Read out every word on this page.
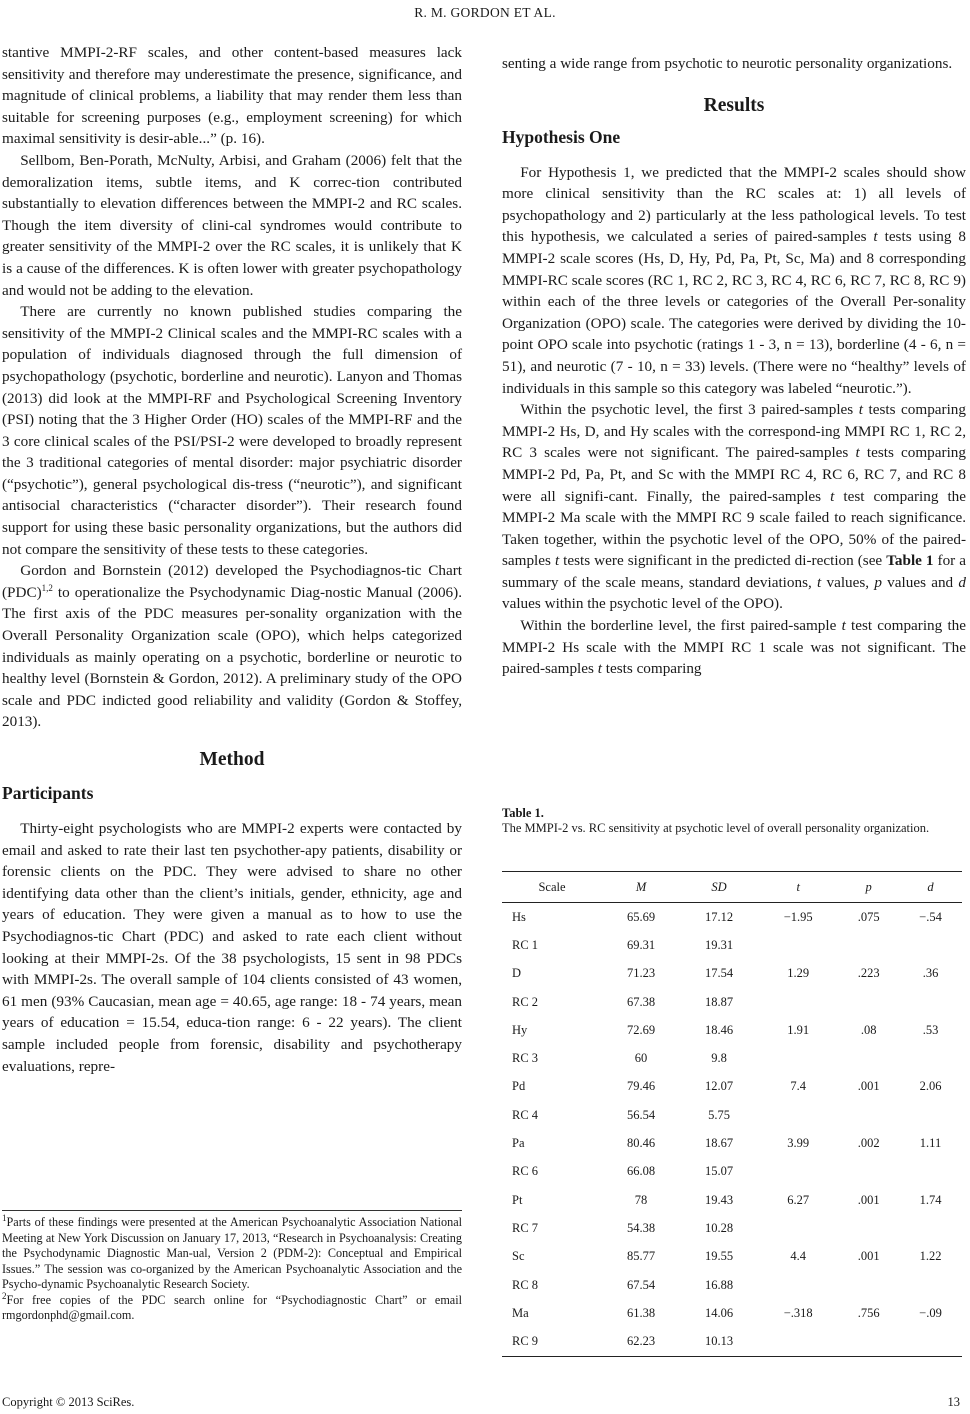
R. M. GORDON ET AL.

stantive MMPI-2-RF scales, and other content-based measures lack sensitivity and therefore may underestimate the presence, significance, and magnitude of clinical problems, a liability that may render them less than suitable for screening purposes (e.g., employment screening) for which maximal sensitivity is desir-able...” (p. 16).

Sellbom, Ben-Porath, McNulty, Arbisi, and Graham (2006) felt that the demoralization items, subtle items, and K correc-tion contributed substantially to elevation differences between the MMPI-2 and RC scales. Though the item diversity of clini-cal syndromes would contribute to greater sensitivity of the MMPI-2 over the RC scales, it is unlikely that K is a cause of the differences. K is often lower with greater psychopathology and would not be adding to the elevation.

There are currently no known published studies comparing the sensitivity of the MMPI-2 Clinical scales and the MMPI-RC scales with a population of individuals diagnosed through the full dimension of psychopathology (psychotic, borderline and neurotic). Lanyon and Thomas (2013) did look at the MMPI-RF and Psychological Screening Inventory (PSI) noting that the 3 Higher Order (HO) scales of the MMPI-RF and the 3 core clinical scales of the PSI/PSI-2 were developed to broadly represent the 3 traditional categories of mental disorder: major psychiatric disorder (“psychotic”), general psychological dis-tress (“neurotic”), and significant antisocial characteristics (“character disorder”). Their research found support for using these basic personality organizations, but the authors did not compare the sensitivity of these tests to these categories.

Gordon and Bornstein (2012) developed the Psychodiagnos-tic Chart (PDC)$^{1,2}$ to operationalize the Psychodynamic Diag-nostic Manual (2006). The first axis of the PDC measures per-sonality organization with the Overall Personality Organization scale (OPO), which helps categorized individuals as mainly operating on a psychotic, borderline or neurotic to healthy level (Bornstein & Gordon, 2012). A preliminary study of the OPO scale and PDC indicted good reliability and validity (Gordon & Stoffey, 2013).

Method
Participants

Thirty-eight psychologists who are MMPI-2 experts were contacted by email and asked to rate their last ten psychother-apy patients, disability or forensic clients on the PDC. They were advised to share no other identifying data other than the client’s initials, gender, ethnicity, age and years of education. They were given a manual as to how to use the Psychodiagnos-tic Chart (PDC) and asked to rate each client without looking at their MMPI-2s. Of the 38 psychologists, 15 sent in 98 PDCs with MMPI-2s. The overall sample of 104 clients consisted of 43 women, 61 men (93% Caucasian, mean age = 40.65, age range: 18 - 74 years, mean years of education = 15.54, educa-tion range: 6 - 22 years). The client sample included people from forensic, disability and psychotherapy evaluations, repre-

$^1$Parts of these findings were presented at the American Psychoanalytic Association National Meeting at New York Discussion on January 17, 2013, “Research in Psychoanalysis: Creating the Psychodynamic Diagnostic Man-ual, Version 2 (PDM-2): Conceptual and Empirical Issues.” The session was co-organized by the American Psychoanalytic Association and the Psycho-dynamic Psychoanalytic Research Society.

$^2$For free copies of the PDC search online for “Psychodiagnostic Chart” or email rmgordonphd@gmail.com.

senting a wide range from psychotic to neurotic personality organizations.

Results
Hypothesis One

For Hypothesis 1, we predicted that the MMPI-2 scales should show more clinical sensitivity than the RC scales at: 1) all levels of psychopathology and 2) particularly at the less pathological levels. To test this hypothesis, we calculated a series of paired-samples t tests using 8 MMPI-2 scale scores (Hs, D, Hy, Pd, Pa, Pt, Sc, Ma) and 8 corresponding MMPI-RC scale scores (RC 1, RC 2, RC 3, RC 4, RC 6, RC 7, RC 8, RC 9) within each of the three levels or categories of the Overall Per-sonality Organization (OPO) scale. The categories were derived by dividing the 10-point OPO scale into psychotic (ratings 1 - 3, n = 13), borderline (4 - 6, n = 51), and neurotic (7 - 10, n = 33) levels. (There were no “healthy” levels of individuals in this sample so this category was labeled “neurotic.”).

Within the psychotic level, the first 3 paired-samples t tests comparing MMPI-2 Hs, D, and Hy scales with the correspond-ing MMPI RC 1, RC 2, RC 3 scales were not significant. The paired-samples t tests comparing MMPI-2 Pd, Pa, Pt, and Sc with the MMPI RC 4, RC 6, RC 7, and RC 8 were all signifi-cant. Finally, the paired-samples t test comparing the MMPI-2 Ma scale with the MMPI RC 9 scale failed to reach significance. Taken together, within the psychotic level of the OPO, 50% of the paired-samples t tests were significant in the predicted di-rection (see Table 1 for a summary of the scale means, standard deviations, t values, p values and d values within the psychotic level of the OPO).

Within the borderline level, the first paired-sample t test comparing the MMPI-2 Hs scale with the MMPI RC 1 scale was not significant. The paired-samples t tests comparing

Table 1.
The MMPI-2 vs. RC sensitivity at psychotic level of overall personality organization.
Scale	M	SD	t	p	d
Hs	65.69	17.12	−1.95	.075	−.54
RC 1	69.31	19.31			
D	71.23	17.54	1.29	.223	.36
RC 2	67.38	18.87			
Hy	72.69	18.46	1.91	.08	.53
RC 3	60	9.8			
Pd	79.46	12.07	7.4	.001	2.06
RC 4	56.54	5.75			
Pa	80.46	18.67	3.99	.002	1.11
RC 6	66.08	15.07			
Pt	78	19.43	6.27	.001	1.74
RC 7	54.38	10.28			
Sc	85.77	19.55	4.4	.001	1.22
RC 8	67.54	16.88			
Ma	61.38	14.06	−.318	.756	−.09
RC 9	62.23	10.13			
Copyright © 2013 SciRes.	13
